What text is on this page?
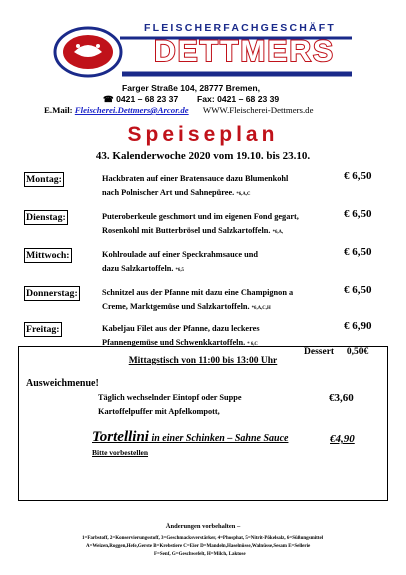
FLEISCHERFACHGESCHÄFT
DETTMERS
Farger Straße 104, 28777 Bremen,
☎ 0421 – 68 23 37 Fax: 0421 – 68 23 39
E.Mail: Fleischerei.Dettmers@Arcor.de WWW.Fleischerei-Dettmers.de
Speiseplan
43. Kalenderwoche 2020 vom 19.10. bis 23.10.
Montag:	Hackbraten auf einer Bratensauce dazu Blumenkohl
nach Polnischer Art und Sahnepüree. *6,A,C
€ 6,50
Dienstag:	Puteroberkeule geschmort und im eigenen Fond gegart,
Rosenkohl mit Butterbrösel und Salzkartoffeln. *6,A,
€ 6,50
Mittwoch:	Kohlroulade auf einer Speckrahmsauce und
dazu Salzkartoffeln. *6,5
€ 6,50
Donnerstag:	Schnitzel aus der Pfanne mit dazu eine Champignon a
Creme, Marktgemüse und Salzkartoffeln. *6,A,C,H
€ 6,50
Freitag:	Kabeljau Filet aus der Pfanne, dazu leckeres
Pfannengemüse und Schwenkkartoffeln. * 6,C
€ 6,90
Dessert 0,50€
Mittagstisch von 11:00 bis 13:00 Uhr
Ausweichmenue!
Täglich wechselnder Eintopf oder Suppe
Kartoffelpuffer mit Apfelkompott,
€3,60
Tortellini in einer Schinken – Sahne Sauce	€4,90
Bitte vorbestellen
Änderungen vorbehalten –
1=Farbstoff, 2=Konservierungsstoff, 3=Geschmacksverstärker, 4=Phosphat, 5=Nitrit-Pökelsalz, 6=Süßungsmittel
A=Weizen,Roggen,Hefe,Gerste B=Krebstiere C=Eier D=Mandeln,Haselnüsse,Walnüsse,Sesam E=Sellerie
F=Senf, G=Geschwefelt, H=Milch, Laktose
